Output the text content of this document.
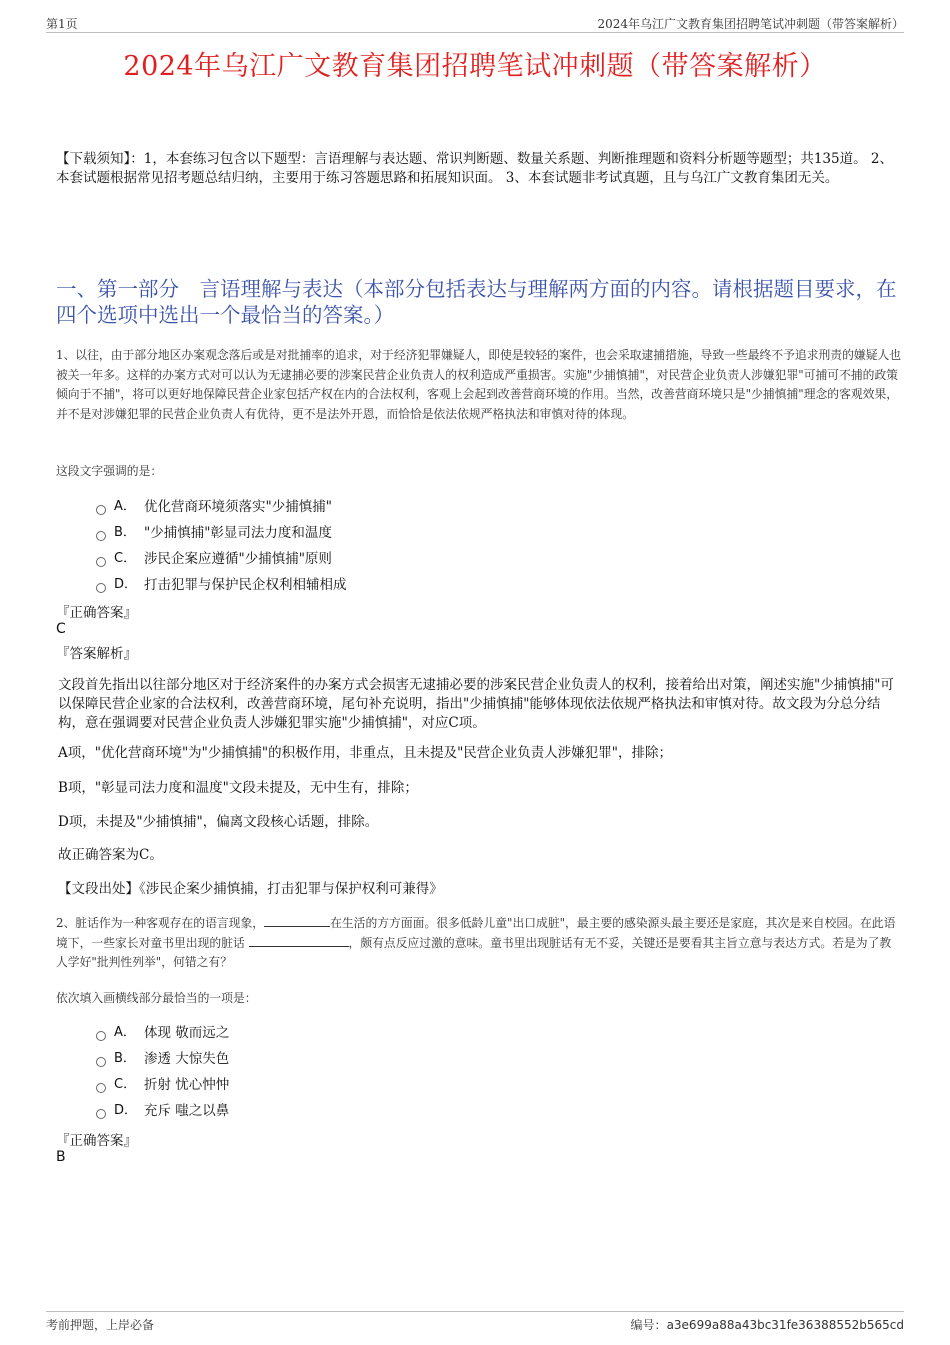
第1页	2024年乌江广文教育集团招聘笔试冲刺题（带答案解析）
2024年乌江广文教育集团招聘笔试冲刺题（带答案解析）

【下载须知】：1，本套练习包含以下题型：言语理解与表达题、常识判断题、数量关系题、判断推理题和资料分析题等题型；共135道。 2、本套试题根据常见招考题总结归纳，主要用于练习答题思路和拓展知识面。 3、本套试题非考试真题，且与乌江广文教育集团无关。

一、第一部分　言语理解与表达（本部分包括表达与理解两方面的内容。请根据题目要求，在四个选项中选出一个最恰当的答案。）

1、以往，由于部分地区办案观念落后或是对批捕率的追求，对于经济犯罪嫌疑人，即使是较轻的案件，也会采取逮捕措施，导致一些最终不予追求刑责的嫌疑人也被关一年多。这样的办案方式对可以认为无逮捕必要的涉案民营企业负责人的权利造成严重损害。实施"少捕慎捕"，对民营企业负责人涉嫌犯罪"可捕可不捕的政策倾向于不捕"，将可以更好地保障民营企业家包括产权在内的合法权利，客观上会起到改善营商环境的作用。当然，改善营商环境只是"少捕慎捕"理念的客观效果，并不是对涉嫌犯罪的民营企业负责人有优待，更不是法外开恩，而恰恰是依法依规严格执法和审慎对待的体现。

这段文字强调的是：

A． 优化营商环境须落实"少捕慎捕"
B． "少捕慎捕"彰显司法力度和温度
C． 涉民企案应遵循"少捕慎捕"原则
D． 打击犯罪与保护民企权利相辅相成

『正确答案』

C

『答案解析』

文段首先指出以往部分地区对于经济案件的办案方式会损害无逮捕必要的涉案民营企业负责人的权利，接着给出对策，阐述实施"少捕慎捕"可以保障民营企业家的合法权利，改善营商环境，尾句补充说明，指出"少捕慎捕"能够体现依法依规严格执法和审慎对待。故文段为分总分结构，意在强调要对民营企业负责人涉嫌犯罪实施"少捕慎捕"，对应C项。

A项，"优化营商环境"为"少捕慎捕"的积极作用，非重点，且未提及"民营企业负责人涉嫌犯罪"，排除；

B项，"彰显司法力度和温度"文段未提及，无中生有，排除；

D项，未提及"少捕慎捕"，偏离文段核心话题，排除。

故正确答案为C。

【文段出处】《涉民企案少捕慎捕，打击犯罪与保护权利可兼得》

2、脏话作为一种客观存在的语言现象，	在生活的方方面面。很多低龄儿童"出口成脏"，最主要的感染源头最主要还是家庭，其次是来自校园。在此语境下，一些家长对童书里出现的脏话	，颇有点反应过激的意味。童书里出现脏话有无不妥，关键还是要看其主旨立意与表达方式。若是为了教人学好"批判性列举"，何错之有？

依次填入画横线部分最恰当的一项是：

A． 体现 敬而远之
B． 渗透 大惊失色
C． 折射 忧心忡忡
D． 充斥 嗤之以鼻

『正确答案』

B

考前押题，上岸必备	编号：a3e699a88a43bc31fe36388552b565cd
